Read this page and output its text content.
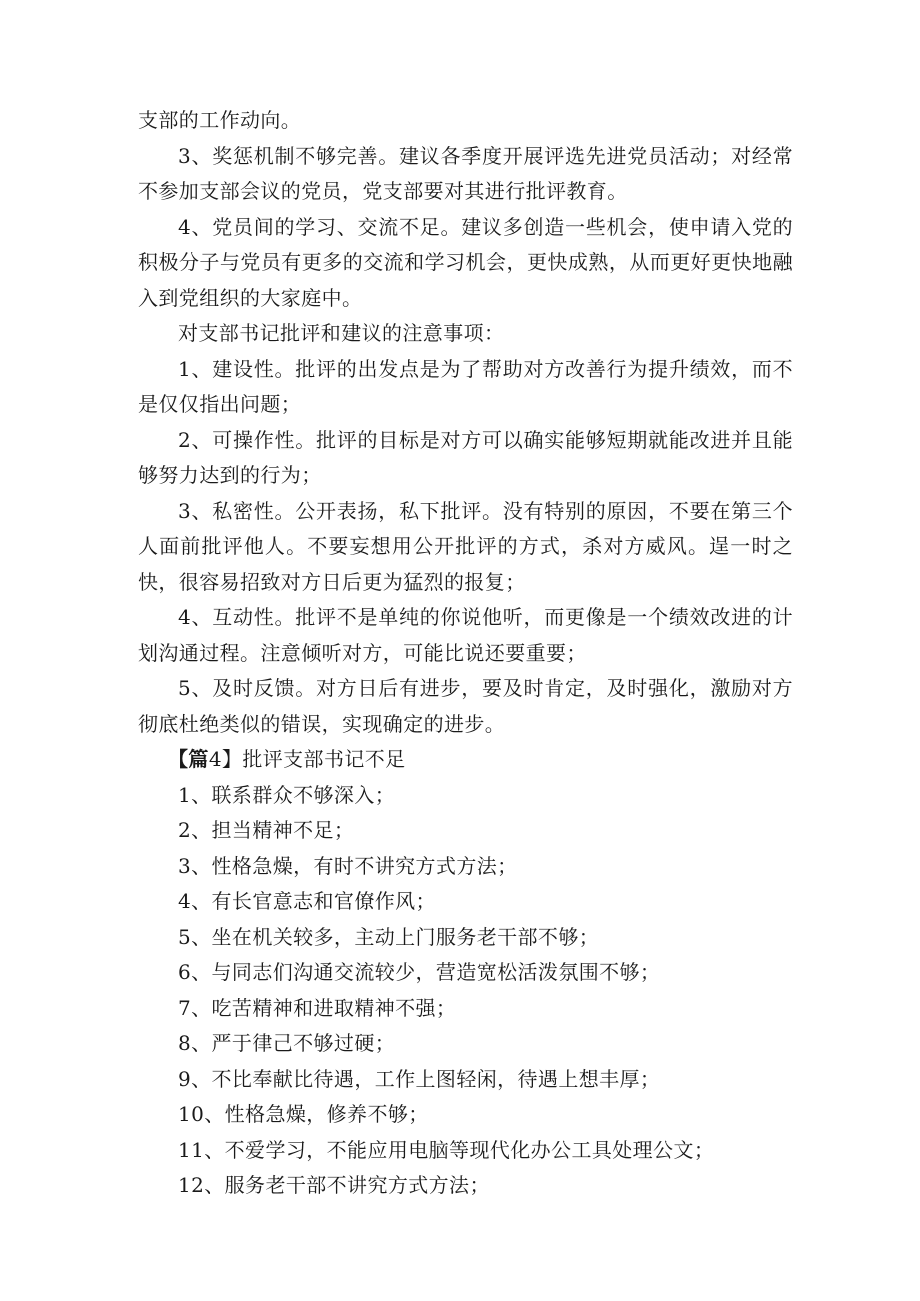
支部的工作动向。

3、奖惩机制不够完善。建议各季度开展评选先进党员活动；对经常不参加支部会议的党员，党支部要对其进行批评教育。

4、党员间的学习、交流不足。建议多创造一些机会，使申请入党的积极分子与党员有更多的交流和学习机会，更快成熟，从而更好更快地融入到党组织的大家庭中。

对支部书记批评和建议的注意事项：

1、建设性。批评的出发点是为了帮助对方改善行为提升绩效，而不是仅仅指出问题；

2、可操作性。批评的目标是对方可以确实能够短期就能改进并且能够努力达到的行为；

3、私密性。公开表扬，私下批评。没有特别的原因，不要在第三个人面前批评他人。不要妄想用公开批评的方式，杀对方威风。逞一时之快，很容易招致对方日后更为猛烈的报复；

4、互动性。批评不是单纯的你说他听，而更像是一个绩效改进的计划沟通过程。注意倾听对方，可能比说还要重要；

5、及时反馈。对方日后有进步，要及时肯定，及时强化，激励对方彻底杜绝类似的错误，实现确定的进步。

【篇4】批评支部书记不足

1、联系群众不够深入；

2、担当精神不足；

3、性格急燥，有时不讲究方式方法；

4、有长官意志和官僚作风；

5、坐在机关较多，主动上门服务老干部不够；

6、与同志们沟通交流较少，营造宽松活泼氛围不够；

7、吃苦精神和进取精神不强；

8、严于律己不够过硬；

9、不比奉献比待遇，工作上图轻闲，待遇上想丰厚；

10、性格急燥，修养不够；

11、不爱学习，不能应用电脑等现代化办公工具处理公文；

12、服务老干部不讲究方式方法；
